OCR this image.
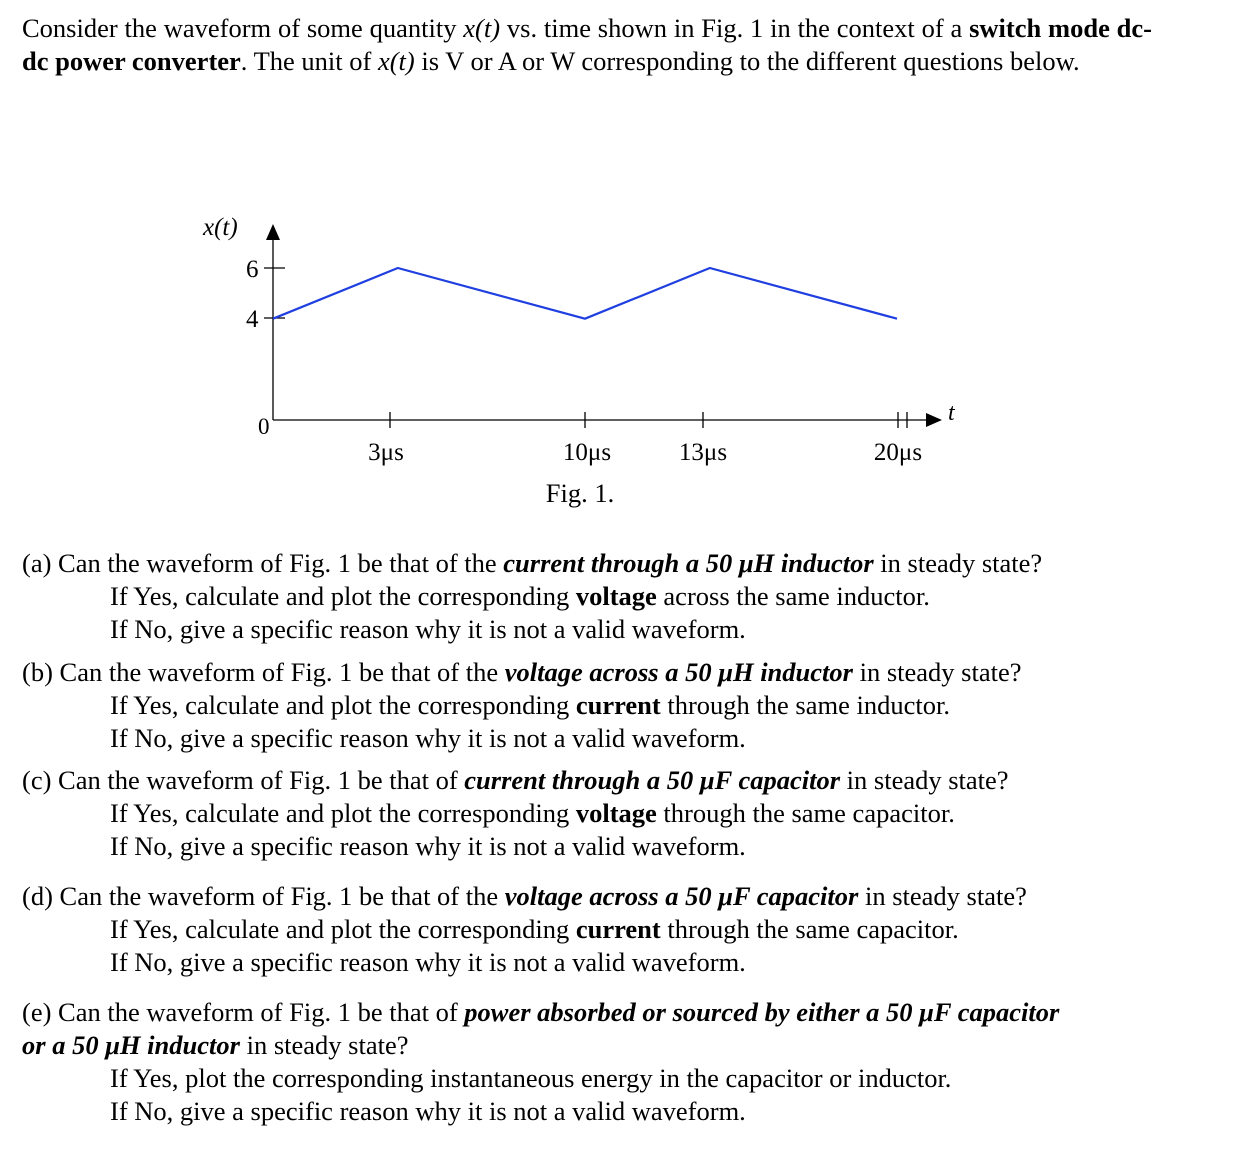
Consider the waveform of some quantity x(t) vs. time shown in Fig. 1 in the context of a switch mode dc-dc power converter. The unit of x(t) is V or A or W corresponding to the different questions below.
x(t)
6
4
0
t
3μs	10μs	13μs	20μs
Fig. 1.
(a) Can the waveform of Fig. 1 be that of the current through a 50 μH inductor in steady state?
If Yes, calculate and plot the corresponding voltage across the same inductor.
If No, give a specific reason why it is not a valid waveform.
(b) Can the waveform of Fig. 1 be that of the voltage across a 50 μH inductor in steady state?
If Yes, calculate and plot the corresponding current through the same inductor.
If No, give a specific reason why it is not a valid waveform.
(c) Can the waveform of Fig. 1 be that of current through a 50 μF capacitor in steady state?
If Yes, calculate and plot the corresponding voltage through the same capacitor.
If No, give a specific reason why it is not a valid waveform.
(d) Can the waveform of Fig. 1 be that of the voltage across a 50 μF capacitor in steady state?
If Yes, calculate and plot the corresponding current through the same capacitor.
If No, give a specific reason why it is not a valid waveform.
(e) Can the waveform of Fig. 1 be that of power absorbed or sourced by either a 50 μF capacitor
or a 50 μH inductor in steady state?
If Yes, plot the corresponding instantaneous energy in the capacitor or inductor.
If No, give a specific reason why it is not a valid waveform.
